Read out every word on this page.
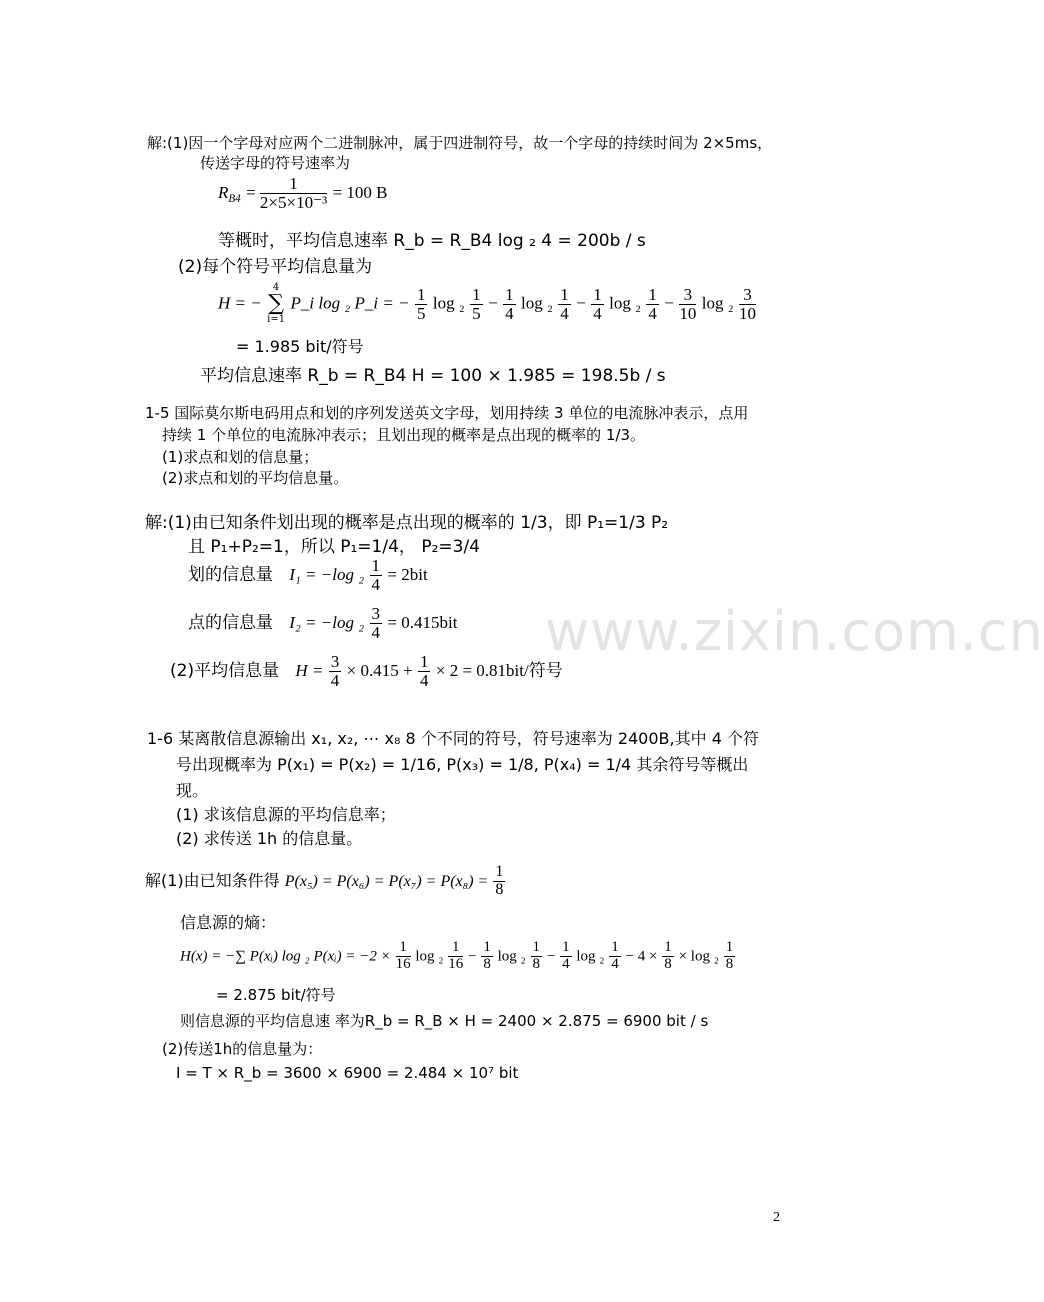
www.zixin.com.cn
解:(1)因一个字母对应两个二进制脉冲，属于四进制符号，故一个字母的持续时间为 2×5ms，
传送字母的符号速率为
$R_{B4} = \frac{1}{\text{2×5×10⁻³}} = 100$ B
等概时，平均信息速率 R_b = R_B4 log ₂ 4 = 200b / s
(2)每个符号平均信息量为
H = −
4
∑
i=1
P_i log ₂ P_i = − $\frac{1}{5}$ $\log _2 \frac{1}{5} - \frac{1}{4}$ $\log _2 \frac{1}{4} - \frac{1}{4}$ $\log _2 \frac{1}{4} - \frac{3}{10}$ $\log _2 \frac{3}{10}$
= 1.985 bit/符号
平均信息速率 R_b = R_B4 H = 100 × 1.985 = 198.5b / s
1-5 国际莫尔斯电码用点和划的序列发送英文字母，划用持续 3 单位的电流脉冲表示，点用
持续 1 个单位的电流脉冲表示；且划出现的概率是点出现的概率的 1/3。
(1)求点和划的信息量；
(2)求点和划的平均信息量。
解:(1)由已知条件划出现的概率是点出现的概率的 1/3，即 P₁=1/3 P₂
且 P₁+P₂=1，所以 P₁=1/4， P₂=3/4
划的信息量 I₁ = −log $_2 \frac{1}{4} = 2bit$
点的信息量 I₂ = −log $_2 \frac{3}{4} = 0.415bit$
(2)平均信息量 $H = \frac{3}{4} \times 0.415 + \frac{1}{4} \times 2 = 0.81bit/$符号
1-6 某离散信息源输出 x₁, x₂, ⋯ x₈ 8 个不同的符号，符号速率为 2400B,其中 4 个符
号出现概率为 P(x₁) = P(x₂) = 1/16, P(x₃) = 1/8, P(x₄) = 1/4 其余符号等概出
现。
(1) 求该信息源的平均信息率；
(2) 求传送 1h 的信息量。
解(1)由已知条件得 $P(x_5) = P(x_6) = P(x_7) = P(x_8) = \frac{1}{8}$
信息源的熵：
H(x) = −∑ P(xᵢ) log ₂ P(xᵢ) = $-2 \times \frac{1}{16}$ $\log _2 \frac{1}{16} - \frac{1}{8}$ $\log _2 \frac{1}{8} - \frac{1}{4}$ $\log _2 \frac{1}{4} - 4 \times \frac{1}{8} \times \log _2 \frac{1}{8}$
= 2.875 bit/符号
则信息源的平均信息速 率为R_b = R_B × H = 2400 × 2.875 = 6900 bit / s
(2)传送1h的信息量为：
I = T × R_b = 3600 × 6900 = 2.484 × 10⁷ bit
2
